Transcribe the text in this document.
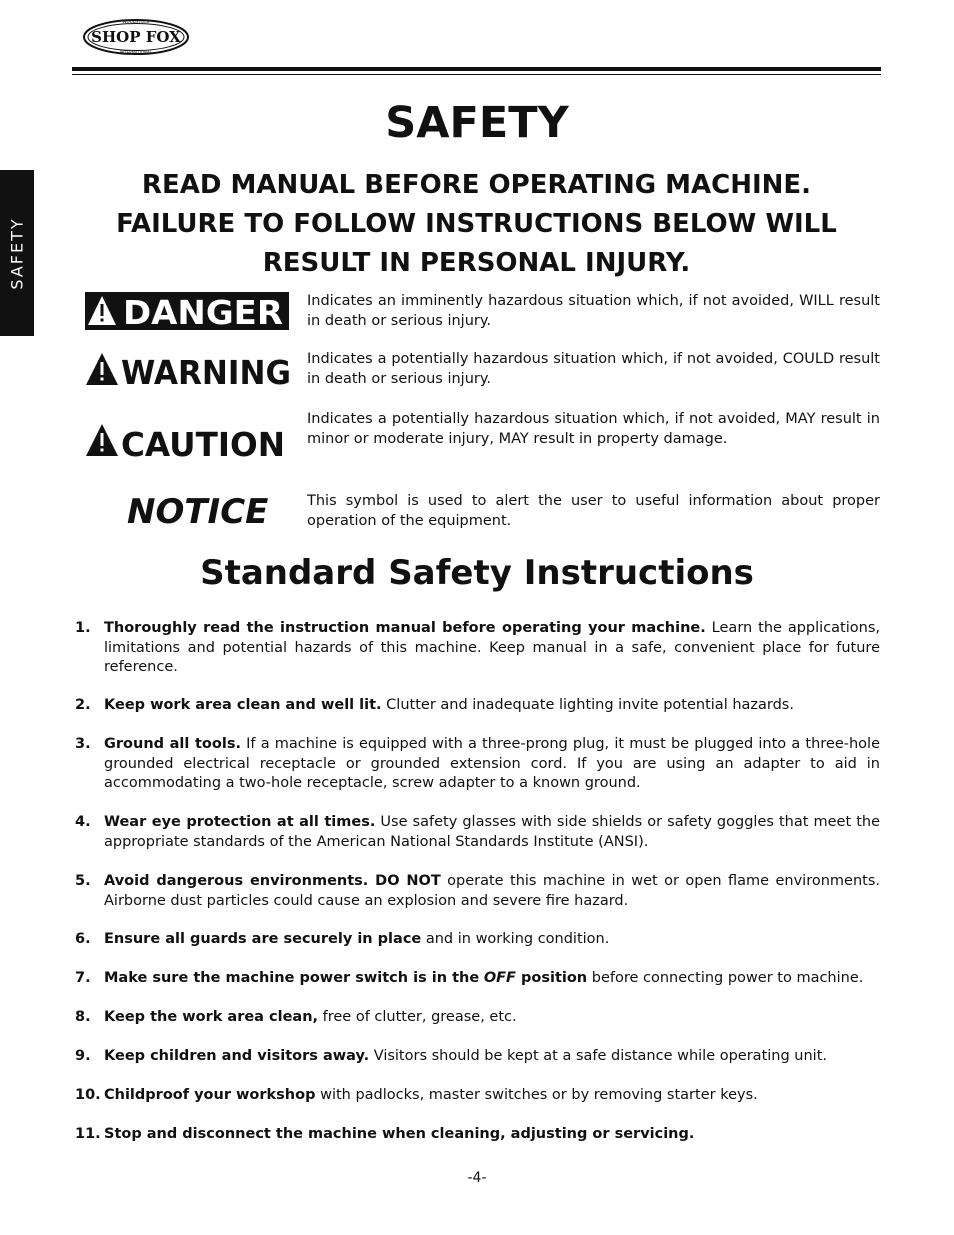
WOODSTOCK
SHOP FOX
INTERNATIONAL
SAFETY
SAFETY
READ MANUAL BEFORE OPERATING MACHINE.
FAILURE TO FOLLOW INSTRUCTIONS BELOW WILL
RESULT IN PERSONAL INJURY.
DANGER Indicates an imminently hazardous situation which, if not avoided, WILL result in death or serious injury.
WARNING Indicates a potentially hazardous situation which, if not avoided, COULD result in death or serious injury.
CAUTION
Indicates a potentially hazardous situation which, if not avoided, MAY result in minor or moderate injury, MAY result in property damage.
NOTICE	This symbol is used to alert the user to useful information about proper operation of the equipment.
Standard Safety Instructions
1. Thoroughly read the instruction manual before operating your machine. Learn the applications, limitations and potential hazards of this machine. Keep manual in a safe, convenient place for future reference.
2. Keep work area clean and well lit. Clutter and inadequate lighting invite potential hazards.
3. Ground all tools. If a machine is equipped with a three-prong plug, it must be plugged into a three-hole grounded electrical receptacle or grounded extension cord. If you are using an adapter to aid in accommodating a two-hole receptacle, screw adapter to a known ground.
4. Wear eye protection at all times. Use safety glasses with side shields or safety goggles that meet the appropriate standards of the American National Standards Institute (ANSI).
5. Avoid dangerous environments. DO NOT operate this machine in wet or open flame environments. Airborne dust particles could cause an explosion and severe fire hazard.
6. Ensure all guards are securely in place and in working condition.
7. Make sure the machine power switch is in the OFF position before connecting power to machine.
8. Keep the work area clean, free of clutter, grease, etc.
9. Keep children and visitors away. Visitors should be kept at a safe distance while operating unit.
10. Childproof your workshop with padlocks, master switches or by removing starter keys.
11. Stop and disconnect the machine when cleaning, adjusting or servicing.
-4-
